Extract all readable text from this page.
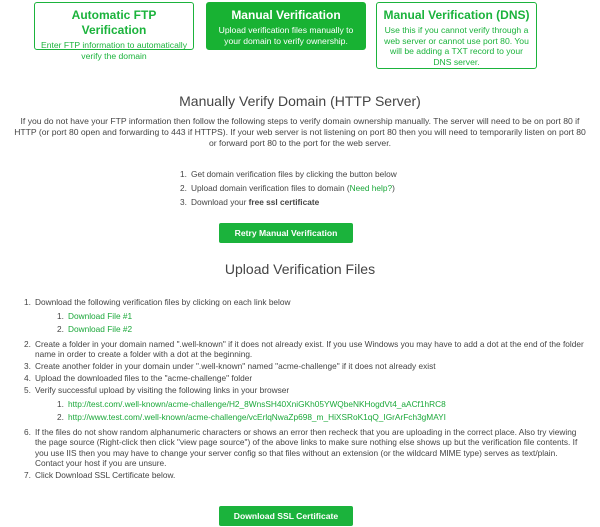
Automatic FTP Verification
Enter FTP information to automatically verify the domain
Manual Verification
Upload verification files manually to your domain to verify ownership.
Manual Verification (DNS)
Use this if you cannot verify through a web server or cannot use port 80. You will be adding a TXT record to your DNS server.
Manually Verify Domain (HTTP Server)
If you do not have your FTP information then follow the following steps to verify domain ownership manually. The server will need to be on port 80 if HTTP (or port 80 open and forwarding to 443 if HTTPS). If your web server is not listening on port 80 then you will need to temporarily listen on port 80 or forward port 80 to the port for the web server.
1. Get domain verification files by clicking the button below
2. Upload domain verification files to domain (Need help?)
3. Download your free ssl certificate
Retry Manual Verification
Upload Verification Files
1. Download the following verification files by clicking on each link below
1. Download File #1
2. Download File #2
2. Create a folder in your domain named ".well-known" if it does not already exist. If you use Windows you may have to add a dot at the end of the folder name in order to create a folder with a dot at the beginning.
3. Create another folder in your domain under ".well-known" named "acme-challenge" if it does not already exist
4. Upload the downloaded files to the "acme-challenge" folder
5. Verify successful upload by visiting the following links in your browser
1. http://test.com/.well-known/acme-challenge/H2_8WnsSH40XniGKh05YWQbeNKHogdVt4_aACf1hRC8
2. http://www.test.com/.well-known/acme-challenge/vcErlqNwaZp698_m_HiXSRoK1qQ_IGrArFch3gMAYI
6. If the files do not show random alphanumeric characters or shows an error then recheck that you are uploading in the correct place. Also try viewing the page source (Right-click then click "view page source") of the above links to make sure nothing else shows up but the verification file contents. If you use IIS then you may have to change your server config so that files without an extension (or the wildcard MIME type) serves as text/plain. Contact your host if you are unsure.
7. Click Download SSL Certificate below.
Download SSL Certificate
